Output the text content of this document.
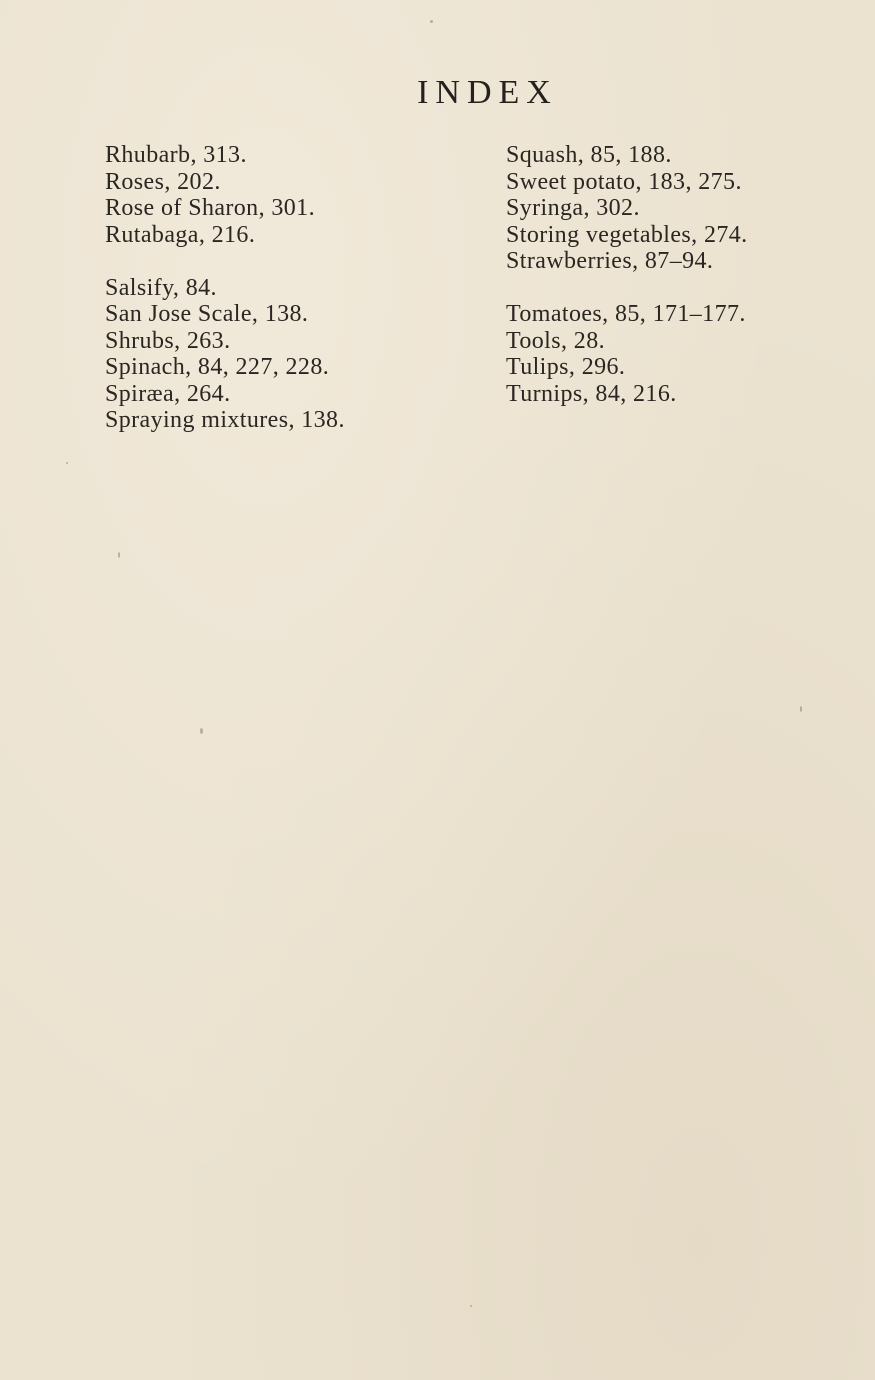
INDEX
Rhubarb, 313.
Roses, 202.
Rose of Sharon, 301.
Rutabaga, 216.
Salsify, 84.
San Jose Scale, 138.
Shrubs, 263.
Spinach, 84, 227, 228.
Spiræa, 264.
Spraying mixtures, 138.
Squash, 85, 188.
Sweet potato, 183, 275.
Syringa, 302.
Storing vegetables, 274.
Strawberries, 87–94.
Tomatoes, 85, 171–177.
Tools, 28.
Tulips, 296.
Turnips, 84, 216.
